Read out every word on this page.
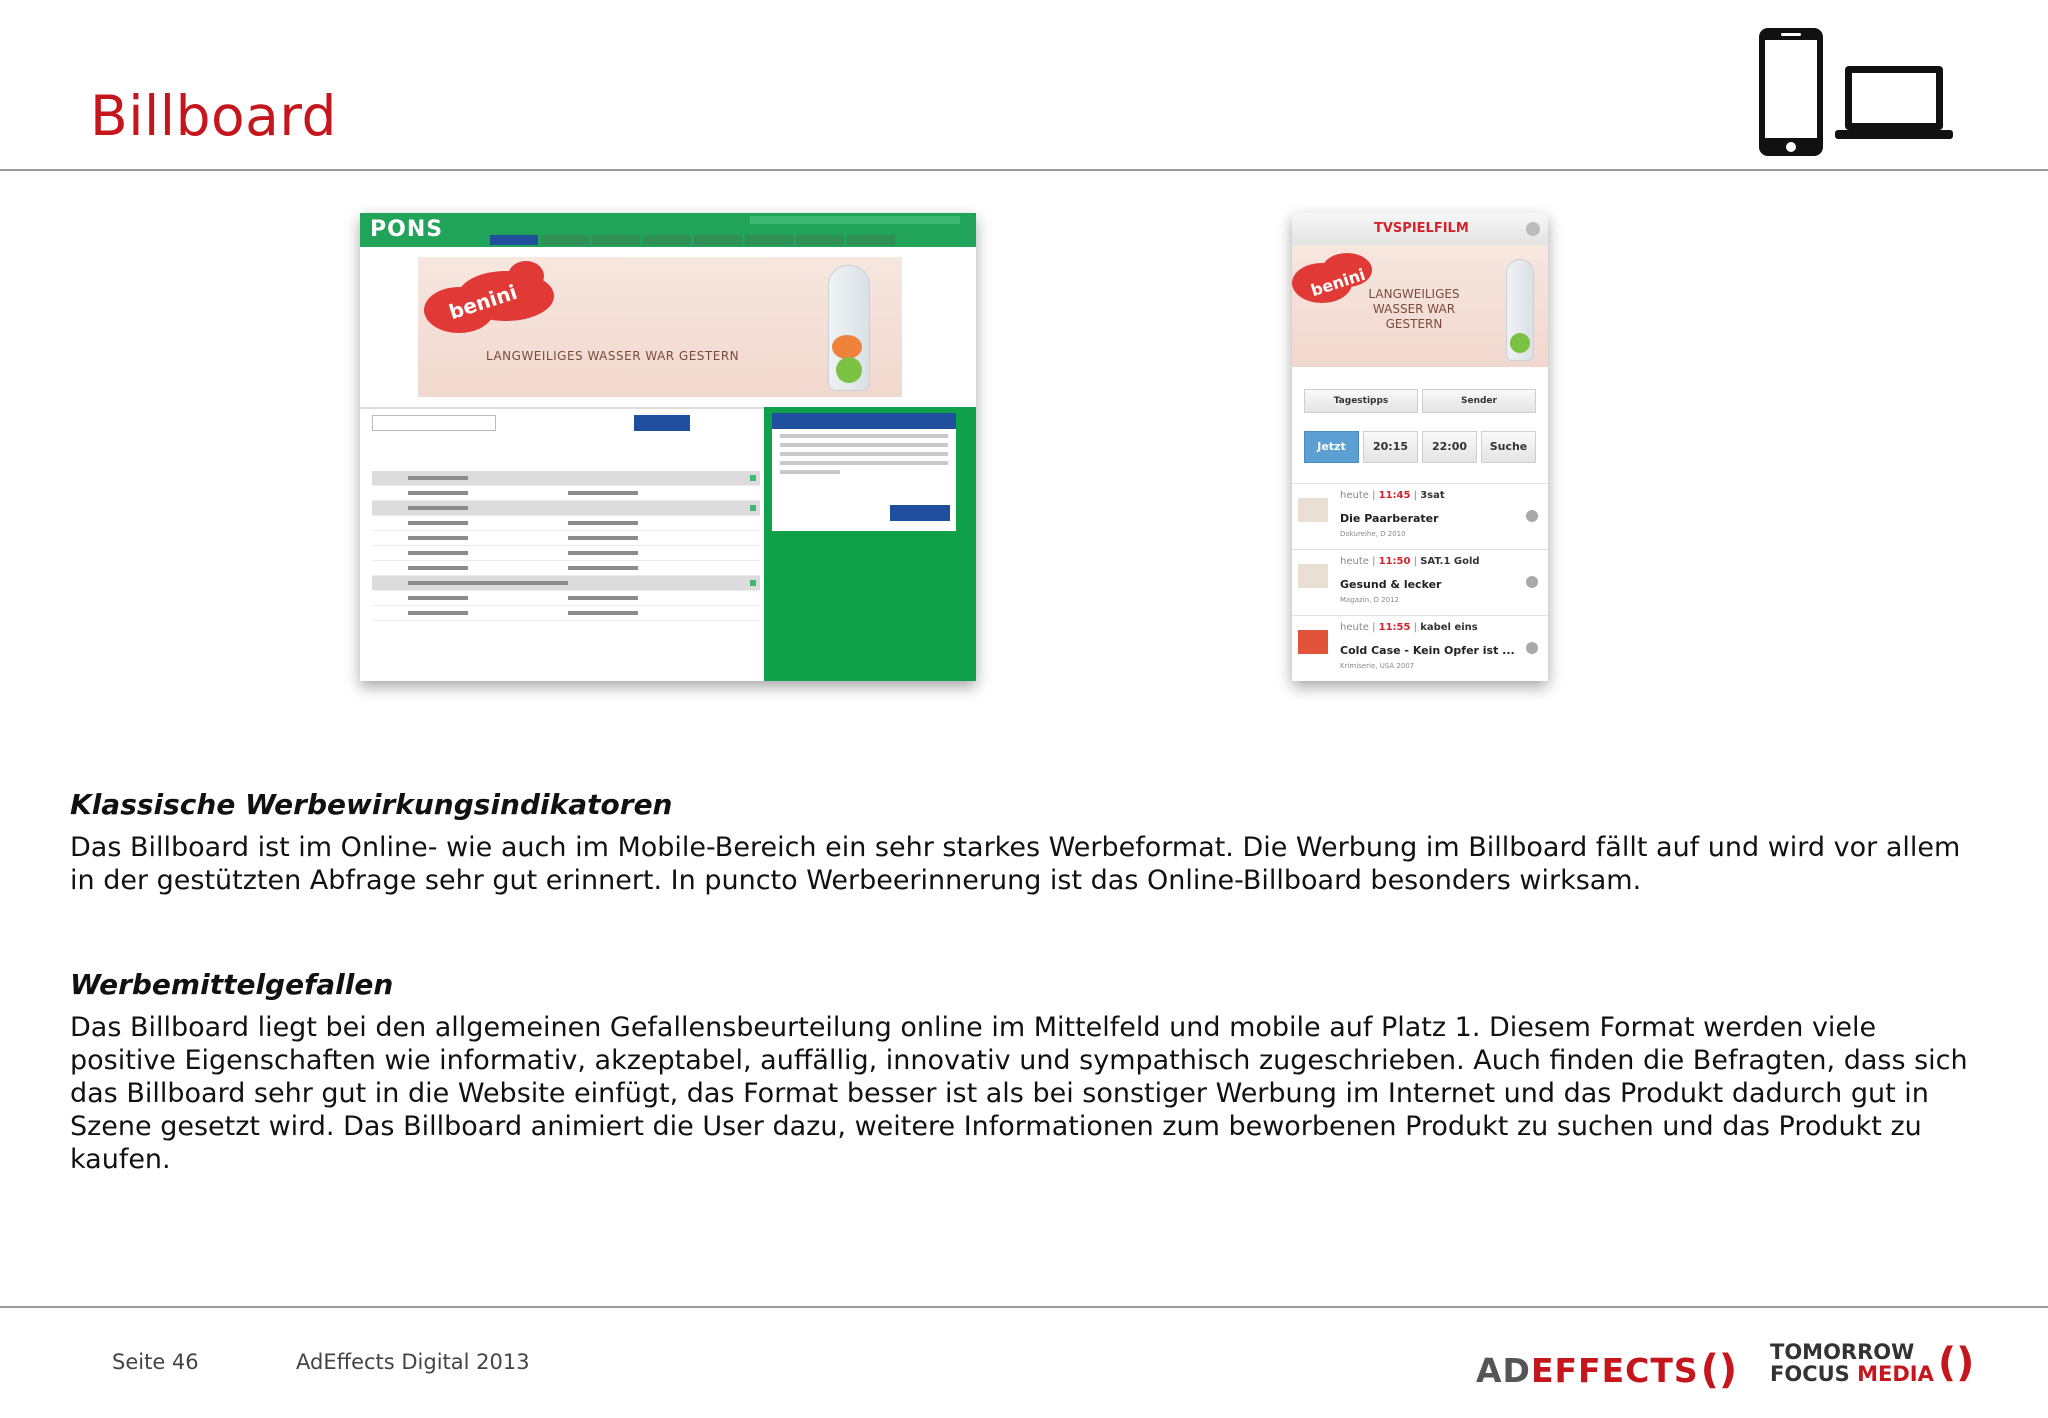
Billboard
PONS
benini
LANGWEILIGES WASSER WAR GESTERN
TVSPIELFILM
benini LANGWEILIGES WASSER WAR GESTERN
Tagestipps	Sender
Jetzt	20:15	22:00	Suche
heute | 11:45 | 3sat
Die Paarberater
Dokureihe, D 2010
heute | 11:50 | SAT.1 Gold
Gesund & lecker
Magazin, D 2012
heute | 11:55 | kabel eins
Cold Case - Kein Opfer ist ...
Krimiserie, USA 2007
Klassische Werbewirkungsindikatoren

Das Billboard ist im Online- wie auch im Mobile-Bereich ein sehr starkes Werbeformat. Die Werbung im Billboard fällt auf und wird vor allem in der gestützten Abfrage sehr gut erinnert. In puncto Werbeerinnerung ist das Online-Billboard besonders wirksam.

Werbemittelgefallen

Das Billboard liegt bei den allgemeinen Gefallensbeurteilung online im Mittelfeld und mobile auf Platz 1. Diesem Format werden viele positive Eigenschaften wie informativ, akzeptabel, auffällig, innovativ und sympathisch zugeschrieben. Auch finden die Befragten, dass sich das Billboard sehr gut in die Website einfügt, das Format besser ist als bei sonstiger Werbung im Internet und das Produkt dadurch gut in Szene gesetzt wird. Das Billboard animiert die User dazu, weitere Informationen zum beworbenen Produkt zu suchen und das Produkt zu kaufen.

Seite 46	AdEffects Digital 2013	AD EFFECTS () TOMORROW
FOCUS MEDIA ()
